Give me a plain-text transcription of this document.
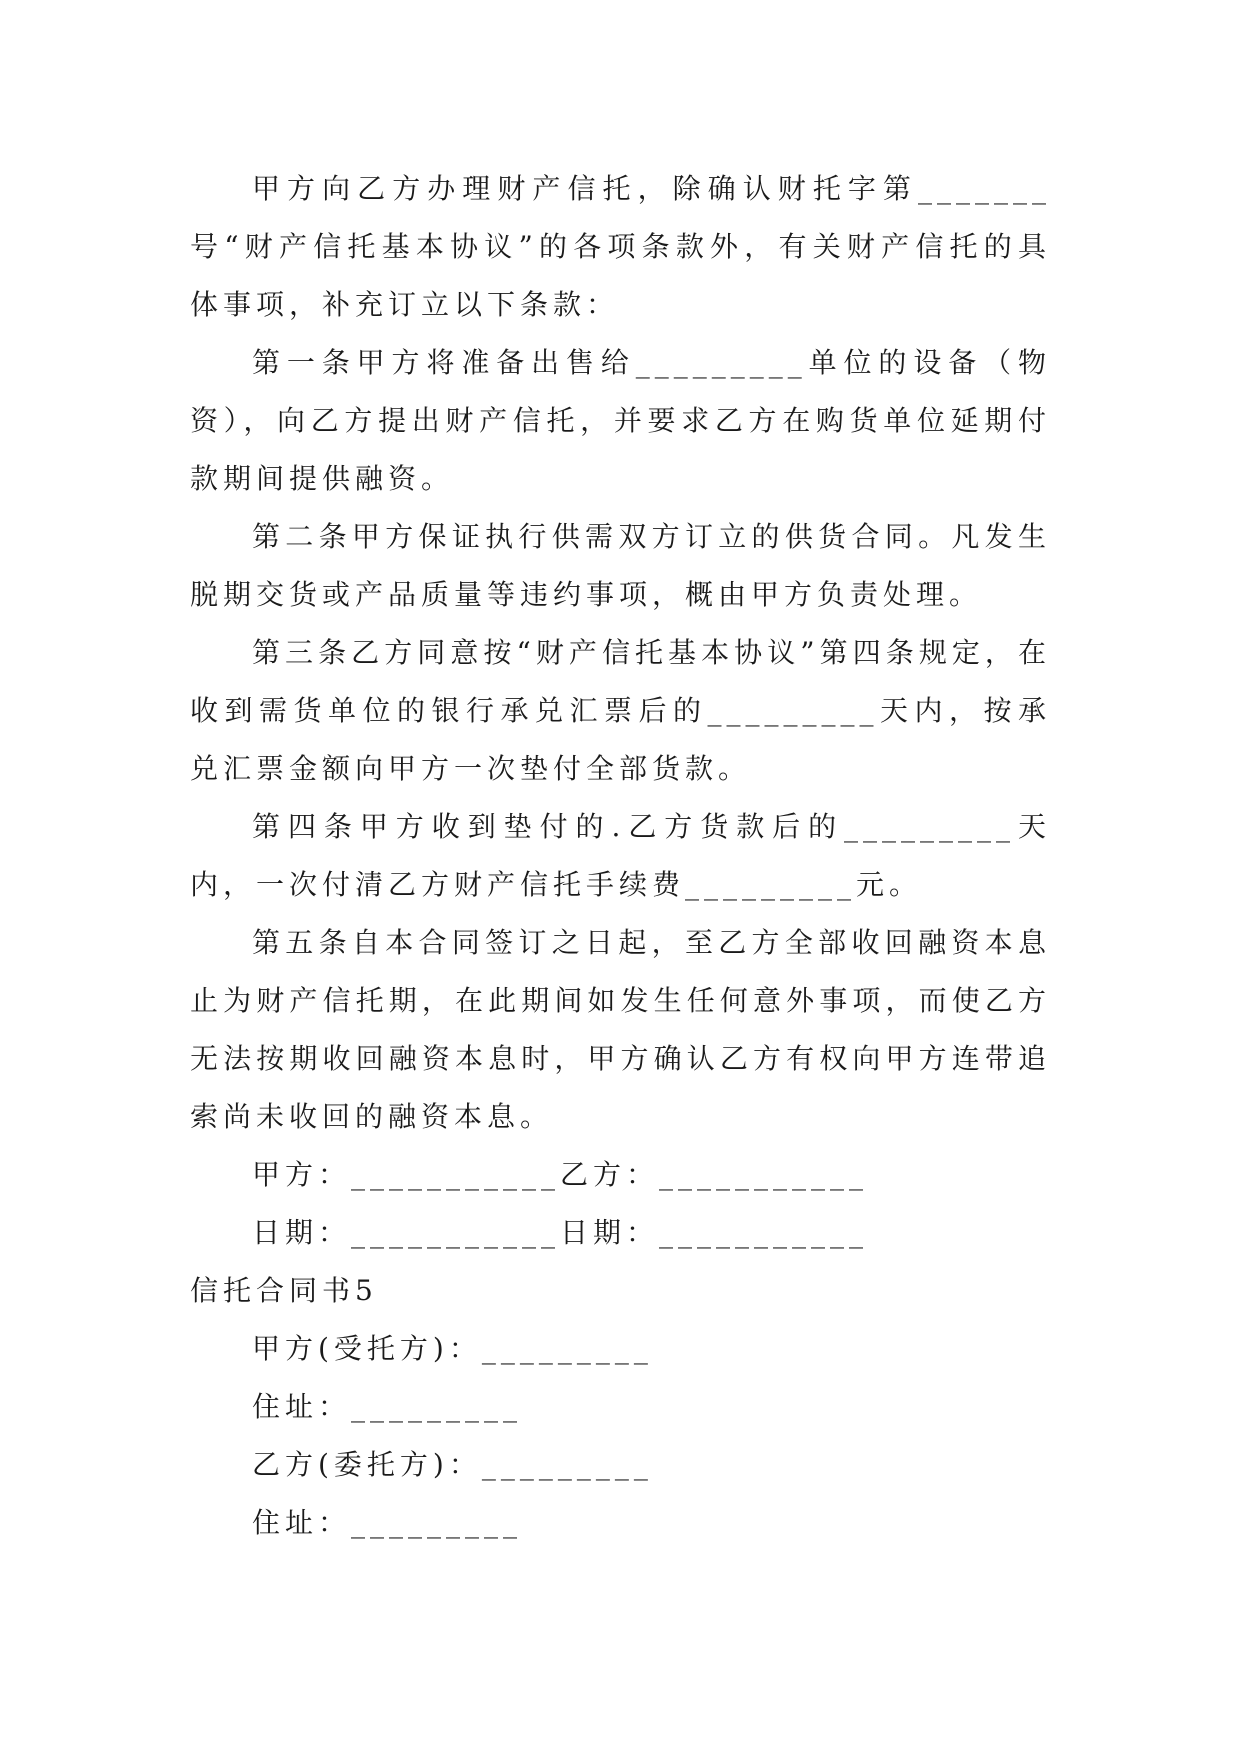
甲方向乙方办理财产信托，除确认财托字第_______号“财产信托基本协议”的各项条款外，有关财产信托的具体事项，补充订立以下条款：

第一条甲方将准备出售给_________单位的设备（物资），向乙方提出财产信托，并要求乙方在购货单位延期付款期间提供融资。

第二条甲方保证执行供需双方订立的供货合同。凡发生脱期交货或产品质量等违约事项，概由甲方负责处理。

第三条乙方同意按“财产信托基本协议”第四条规定，在收到需货单位的银行承兑汇票后的_________天内，按承兑汇票金额向甲方一次垫付全部货款。

第四条甲方收到垫付的.乙方货款后的_________天内，一次付清乙方财产信托手续费_________元。

第五条自本合同签订之日起，至乙方全部收回融资本息止为财产信托期，在此期间如发生任何意外事项，而使乙方无法按期收回融资本息时，甲方确认乙方有权向甲方连带追索尚未收回的融资本息。

甲方：___________乙方：___________

日期：___________日期：___________

信托合同书5

甲方(受托方)：_________

住址：_________

乙方(委托方)：_________

住址：_________
